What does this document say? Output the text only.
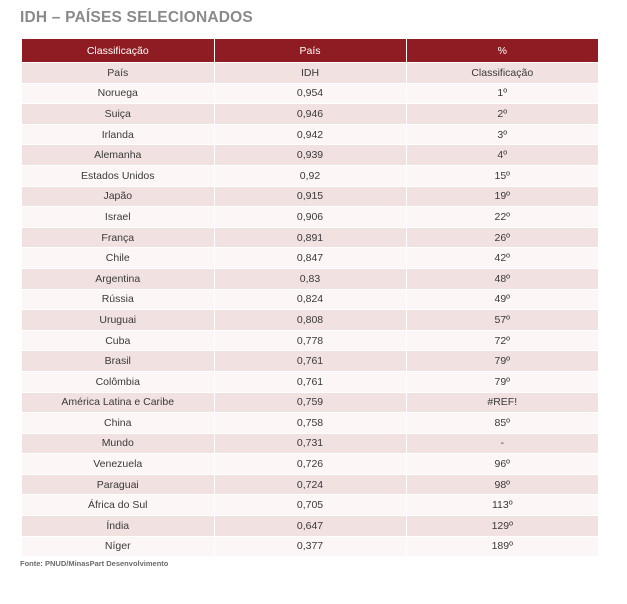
IDH – PAÍSES SELECIONADOS
Classificação	País	%
País	IDH	Classificação
Noruega	0,954	1º
Suiça	0,946	2º
Irlanda	0,942	3º
Alemanha	0,939	4º
Estados Unidos	0,92	15º
Japão	0,915	19º
Israel	0,906	22º
França	0,891	26º
Chile	0,847	42º
Argentina	0,83	48º
Rússia	0,824	49º
Uruguai	0,808	57º
Cuba	0,778	72º
Brasil	0,761	79º
Colômbia	0,761	79º
América Latina e Caribe	0,759	#REF!
China	0,758	85º
Mundo	0,731	-
Venezuela	0,726	96º
Paraguai	0,724	98º
África do Sul	0,705	113º
Índia	0,647	129º
Níger	0,377	189º
Fonte: PNUD/MinasPart Desenvolvimento
